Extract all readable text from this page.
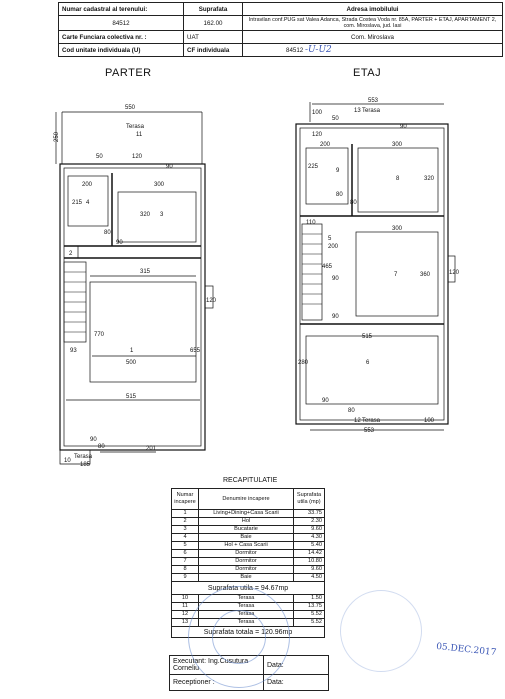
Numar cadastral al terenului:	Suprafata	Adresa imobilului
84512	162.00	Intravilan conf.PUG sat Valea Adanca, Strada Costea Voda nr. 85A, PARTER + ETAJ, APARTAMENT 2, com. Miroslava, jud. Iasi
Carte Funciara colectiva nr. :	UAT	Com. Miroslava
Cod unitate individuala (U)	CF individuala	84512 -U-U2
PARTER	ETAJ
550
250
Terasa
11
50	120
90
200	300
215 4
320 3
80
90
2
315
120
770
93	1
500
655
515
90
80	201
10
Terasa
185
553
100	13 Terasa
50
90
120
200	300
225
9
8	320
80
80
110
5
200
300
465
7	360	120
90
90
515
280	6
90
12 Terasa
553
100
80
RECAPITULATIE
Numar incapere	Denumire incapere	Suprafata utila (mp)
1	Living+Dining+Casa Scarii	33.75
2	Hol	2.30
3	Bucatarie	9.60
4	Baie	4.30
5	Hol + Casa Scarii	5.40
6	Dormitor	14.42
7	Dormitor	10.80
8	Dormitor	9.60
9	Baie	4.50
Suprafata utila = 94.67mp		
10	Terasa	1.50
11	Terasa	13.75
12	Terasa	5.52
13	Terasa	5.52
Suprafata totala = 120.96mp		
Executant: Ing.Cusutura Corneliu	Data:
Receptioner :	Data:
05.DEC.2017
